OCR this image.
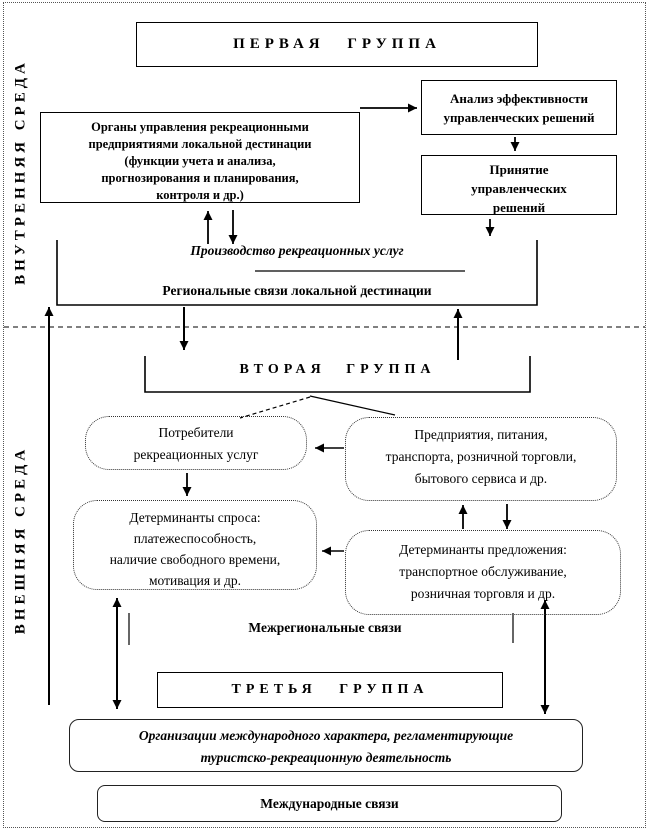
ВНУТРЕННЯЯ СРЕДА
ВНЕШНЯЯ СРЕДА
ПЕРВАЯ ГРУППА
Органы управления рекреационными
предприятиями локальной дестинации
(функции учета и анализа,
прогнозирования и планирования,
контроля и др.)
Анализ эффективности
управленческих решений
Принятие
управленческих
решений
Производство рекреационных услуг
Региональные связи локальной дестинации
ВТОРАЯ ГРУППА
Потребители
рекреационных услуг
Предприятия, питания,
транспорта, розничной торговли,
бытового сервиса и др.
Детерминанты спроса:
платежеспособность,
наличие свободного времени,
мотивация и др.
Детерминанты предложения:
транспортное обслуживание,
розничная торговля и др.
Межрегиональные связи
ТРЕТЬЯ ГРУППА
Организации международного характера, регламентирующие
туристско-рекреационную деятельность
Международные связи
